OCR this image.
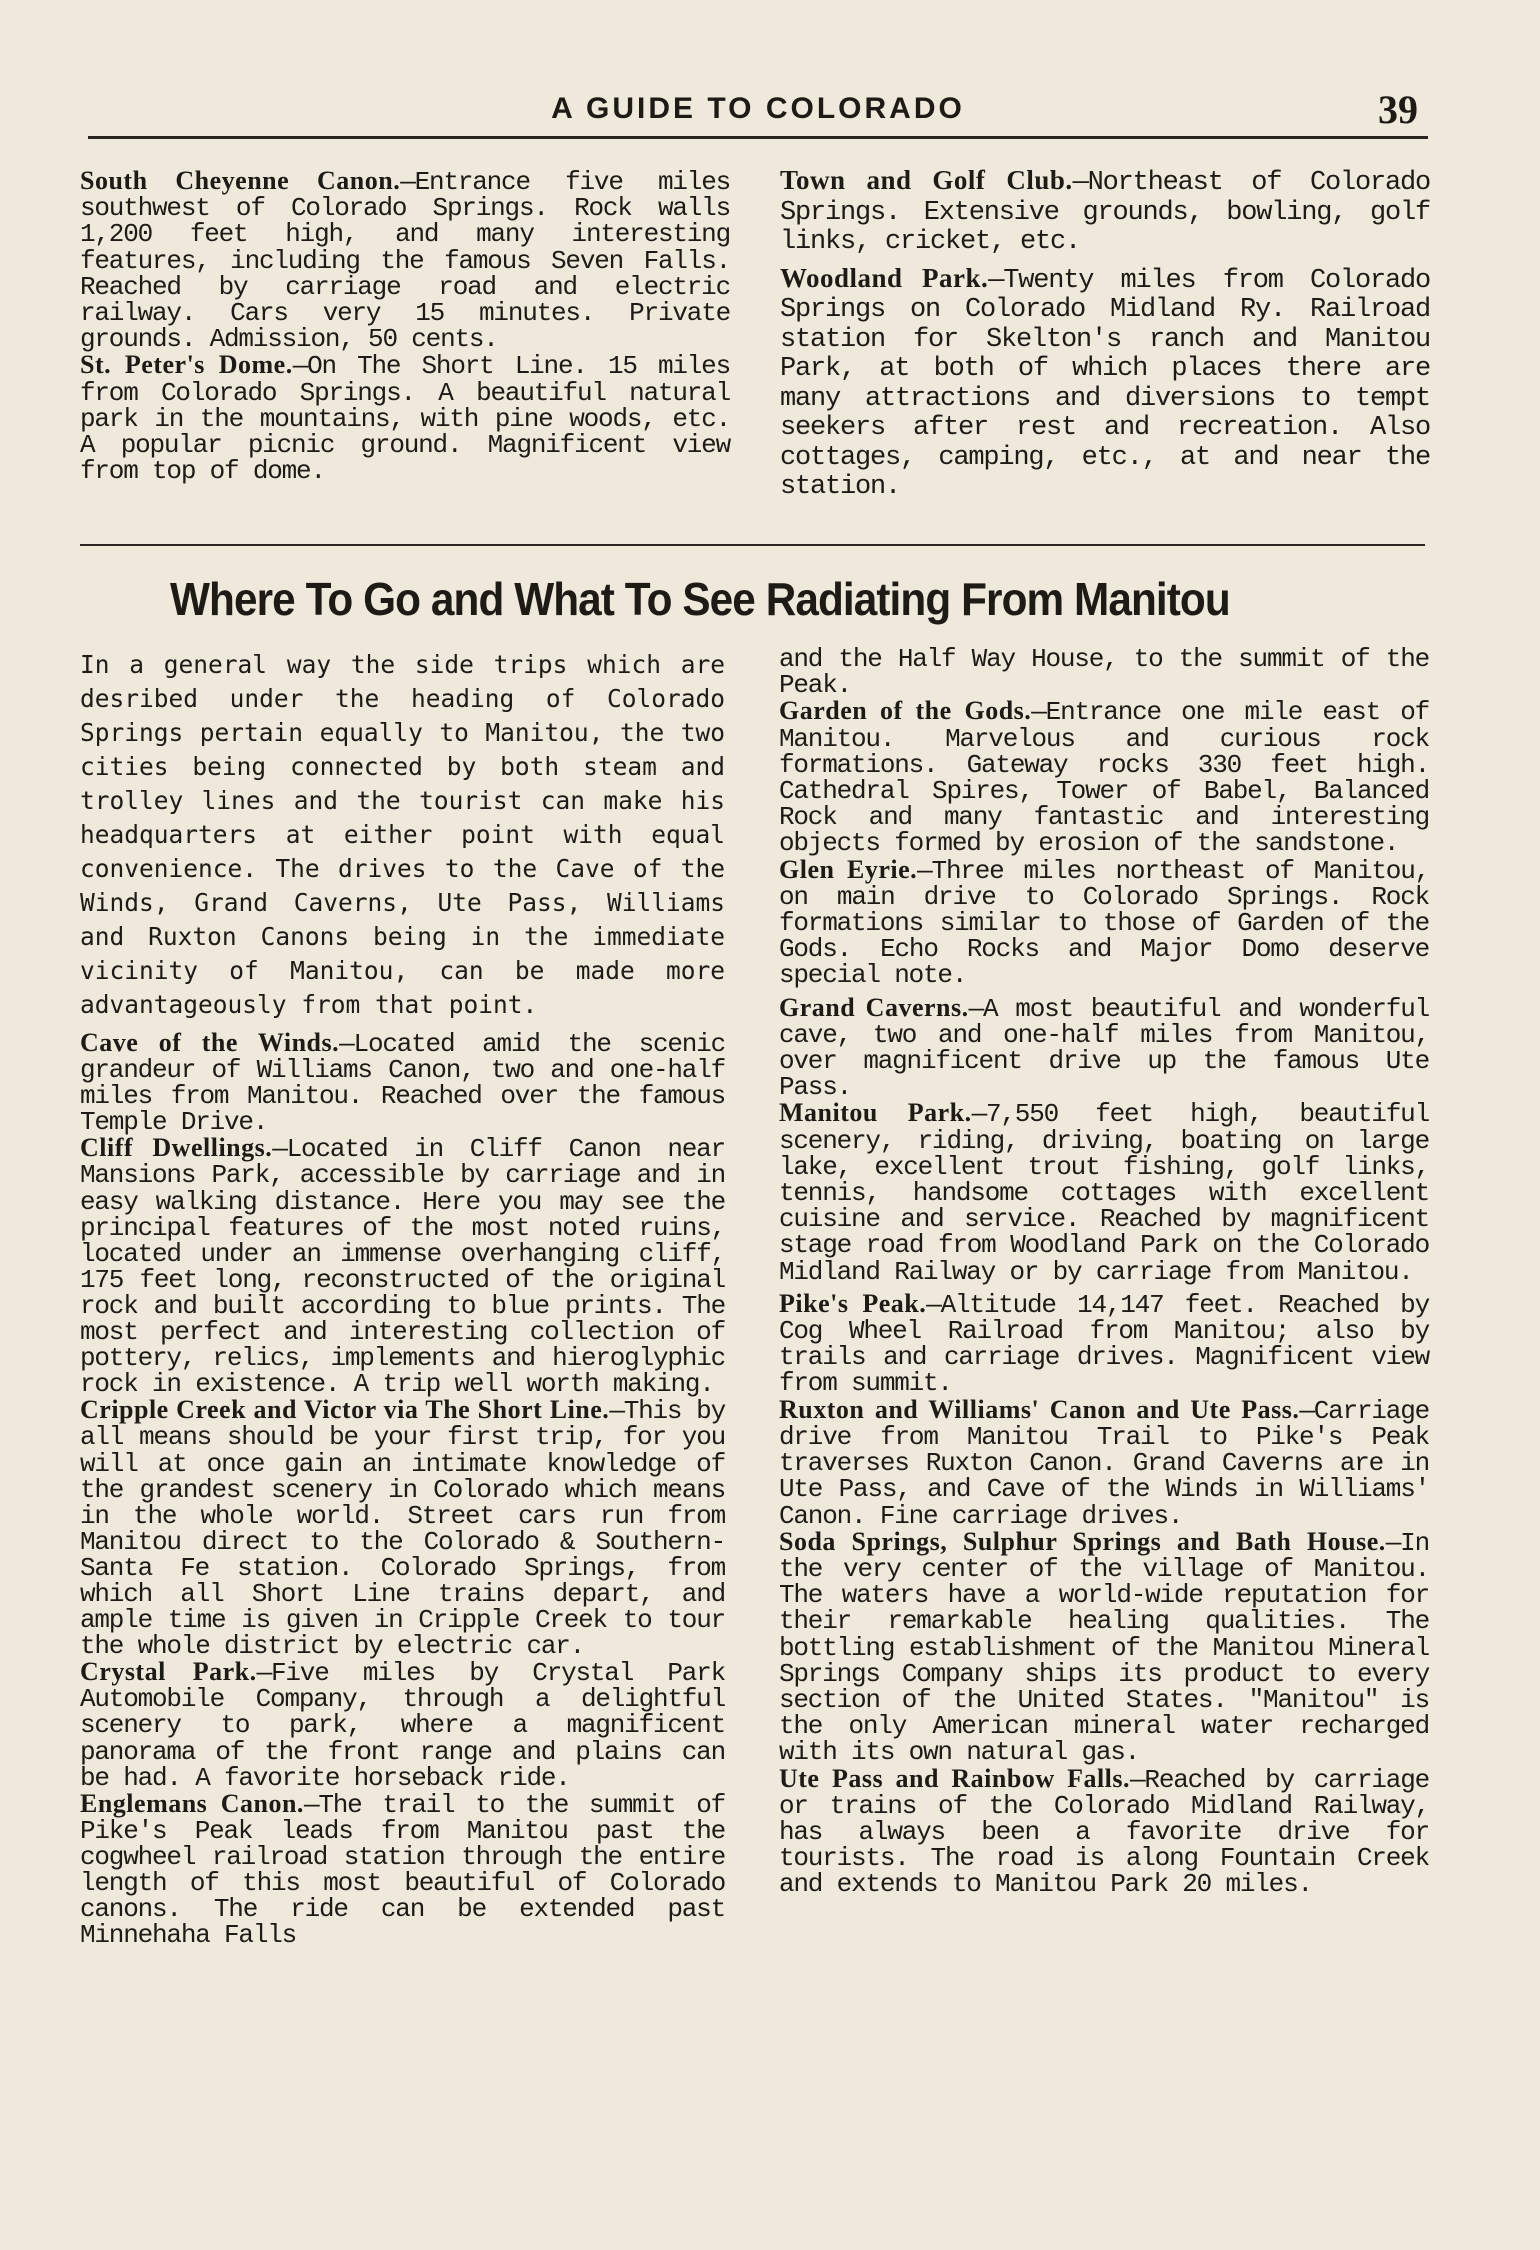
A GUIDE TO COLORADO	39

South Cheyenne Canon.—Entrance five miles southwest of Colorado Springs. Rock walls 1,200 feet high, and many interesting features, including the famous Seven Falls. Reached by carriage road and electric railway. Cars very 15 minutes. Private grounds. Admission, 50 cents.

St. Peter's Dome.—On The Short Line. 15 miles from Colorado Springs. A beautiful natural park in the mountains, with pine woods, etc. A popular picnic ground. Magnificent view from top of dome.

Town and Golf Club.—Northeast of Colorado Springs. Extensive grounds, bowling, golf links, cricket, etc.

Woodland Park.—Twenty miles from Colorado Springs on Colorado Midland Ry. Railroad station for Skelton's ranch and Manitou Park, at both of which places there are many attractions and diversions to tempt seekers after rest and recreation. Also cottages, camping, etc., at and near the station.

Where To Go and What To See Radiating From Manitou

In a general way the side trips which are desribed under the heading of Colorado Springs pertain equally to Manitou, the two cities being connected by both steam and trolley lines and the tourist can make his headquarters at either point with equal convenience. The drives to the Cave of the Winds, Grand Caverns, Ute Pass, Williams and Ruxton Canons being in the immediate vicinity of Manitou, can be made more advantageously from that point.

Cave of the Winds.—Located amid the scenic grandeur of Williams Canon, two and one-half miles from Manitou. Reached over the famous Temple Drive.

Cliff Dwellings.—Located in Cliff Canon near Mansions Park, accessible by carriage and in easy walking distance. Here you may see the principal features of the most noted ruins, located under an immense overhanging cliff, 175 feet long, reconstructed of the original rock and built according to blue prints. The most perfect and interesting collection of pottery, relics, implements and hieroglyphic rock in existence. A trip well worth making.

Cripple Creek and Victor via The Short Line.—This by all means should be your first trip, for you will at once gain an intimate knowledge of the grandest scenery in Colorado which means in the whole world. Street cars run from Manitou direct to the Colorado & Southern-Santa Fe station. Colorado Springs, from which all Short Line trains depart, and ample time is given in Cripple Creek to tour the whole district by electric car.

Crystal Park.—Five miles by Crystal Park Automobile Company, through a delightful scenery to park, where a magnificent panorama of the front range and plains can be had. A favorite horseback ride.

Englemans Canon.—The trail to the summit of Pike's Peak leads from Manitou past the cogwheel railroad station through the entire length of this most beautiful of Colorado canons. The ride can be extended past Minnehaha Falls

and the Half Way House, to the summit of the Peak.

Garden of the Gods.—Entrance one mile east of Manitou. Marvelous and curious rock formations. Gateway rocks 330 feet high. Cathedral Spires, Tower of Babel, Balanced Rock and many fantastic and interesting objects formed by erosion of the sandstone.

Glen Eyrie.—Three miles northeast of Manitou, on main drive to Colorado Springs. Rock formations similar to those of Garden of the Gods. Echo Rocks and Major Domo deserve special note.

Grand Caverns.—A most beautiful and wonderful cave, two and one-half miles from Manitou, over magnificent drive up the famous Ute Pass.

Manitou Park.—7,550 feet high, beautiful scenery, riding, driving, boating on large lake, excellent trout fishing, golf links, tennis, handsome cottages with excellent cuisine and service. Reached by magnificent stage road from Woodland Park on the Colorado Midland Railway or by carriage from Manitou.

Pike's Peak.—Altitude 14,147 feet. Reached by Cog Wheel Railroad from Manitou; also by trails and carriage drives. Magnificent view from summit.

Ruxton and Williams' Canon and Ute Pass.—Carriage drive from Manitou Trail to Pike's Peak traverses Ruxton Canon. Grand Caverns are in Ute Pass, and Cave of the Winds in Williams' Canon. Fine carriage drives.

Soda Springs, Sulphur Springs and Bath House.—In the very center of the village of Manitou. The waters have a world-wide reputation for their remarkable healing qualities. The bottling establishment of the Manitou Mineral Springs Company ships its product to every section of the United States. "Manitou" is the only American mineral water recharged with its own natural gas.

Ute Pass and Rainbow Falls.—Reached by carriage or trains of the Colorado Midland Railway, has always been a favorite drive for tourists. The road is along Fountain Creek and extends to Manitou Park 20 miles.
